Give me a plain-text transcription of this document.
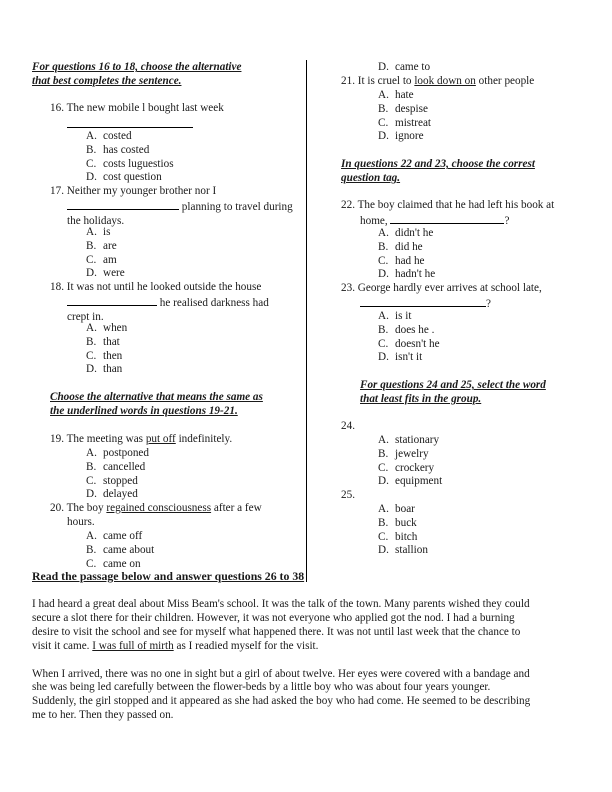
For questions 16 to 18, choose the alternative
that best completes the sentence.
16. The new mobile l bought last week
A. costed
B. has costed
C. costs luguestios
D. cost question
17. Neither my younger brother nor I
planning to travel during
the holidays.
A. is
B. are
C. am
D. were
18. It was not until he looked outside the house
he realised darkness had
crept in.
A. when
B. that
C. then
D. than
Choose the alternative that means the same as
the underlined words in questions 19-21.
19. The meeting was put off indefinitely.
A. postponed
B. cancelled
C. stopped
D. delayed
20. The boy regained consciousness after a few
hours.
A. came off
B. came about
C. came on
D. came to
21. It is cruel to look down on other people
A. hate
B. despise
C. mistreat
D. ignore
In questions 22 and 23, choose the correst
question tag.
22. The boy claimed that he had left his book at
home,	?
A. didn't he
B. did he
C. had he
D. hadn't he
23. George hardly ever arrives at school late,
?
A. is it
B. does he .
C. doesn't he
D. isn't it
For questions 24 and 25, select the word
that least fits in the group.
24.
A. stationary
B. jewelry
C. crockery
D. equipment
25.
A. boar
B. buck
C. bitch
D. stallion
Read the passage below and answer questions 26 to 38

I had heard a great deal about Miss Beam's school. It was the talk of the town. Many parents wished they could
secure a slot there for their children. However, it was not everyone who applied got the nod. I had a burning
desire to visit the school and see for myself what happened there. It was not until last week that the chance to
visit it came. I was full of mirth as I readied myself for the visit.

When I arrived, there was no one in sight but a girl of about twelve. Her eyes were covered with a bandage and
she was being led carefully between the flower-beds by a little boy who was about four years younger.
Suddenly, the girl stopped and it appeared as she had asked the boy who had come. He seemed to be describing
me to her. Then they passed on.
